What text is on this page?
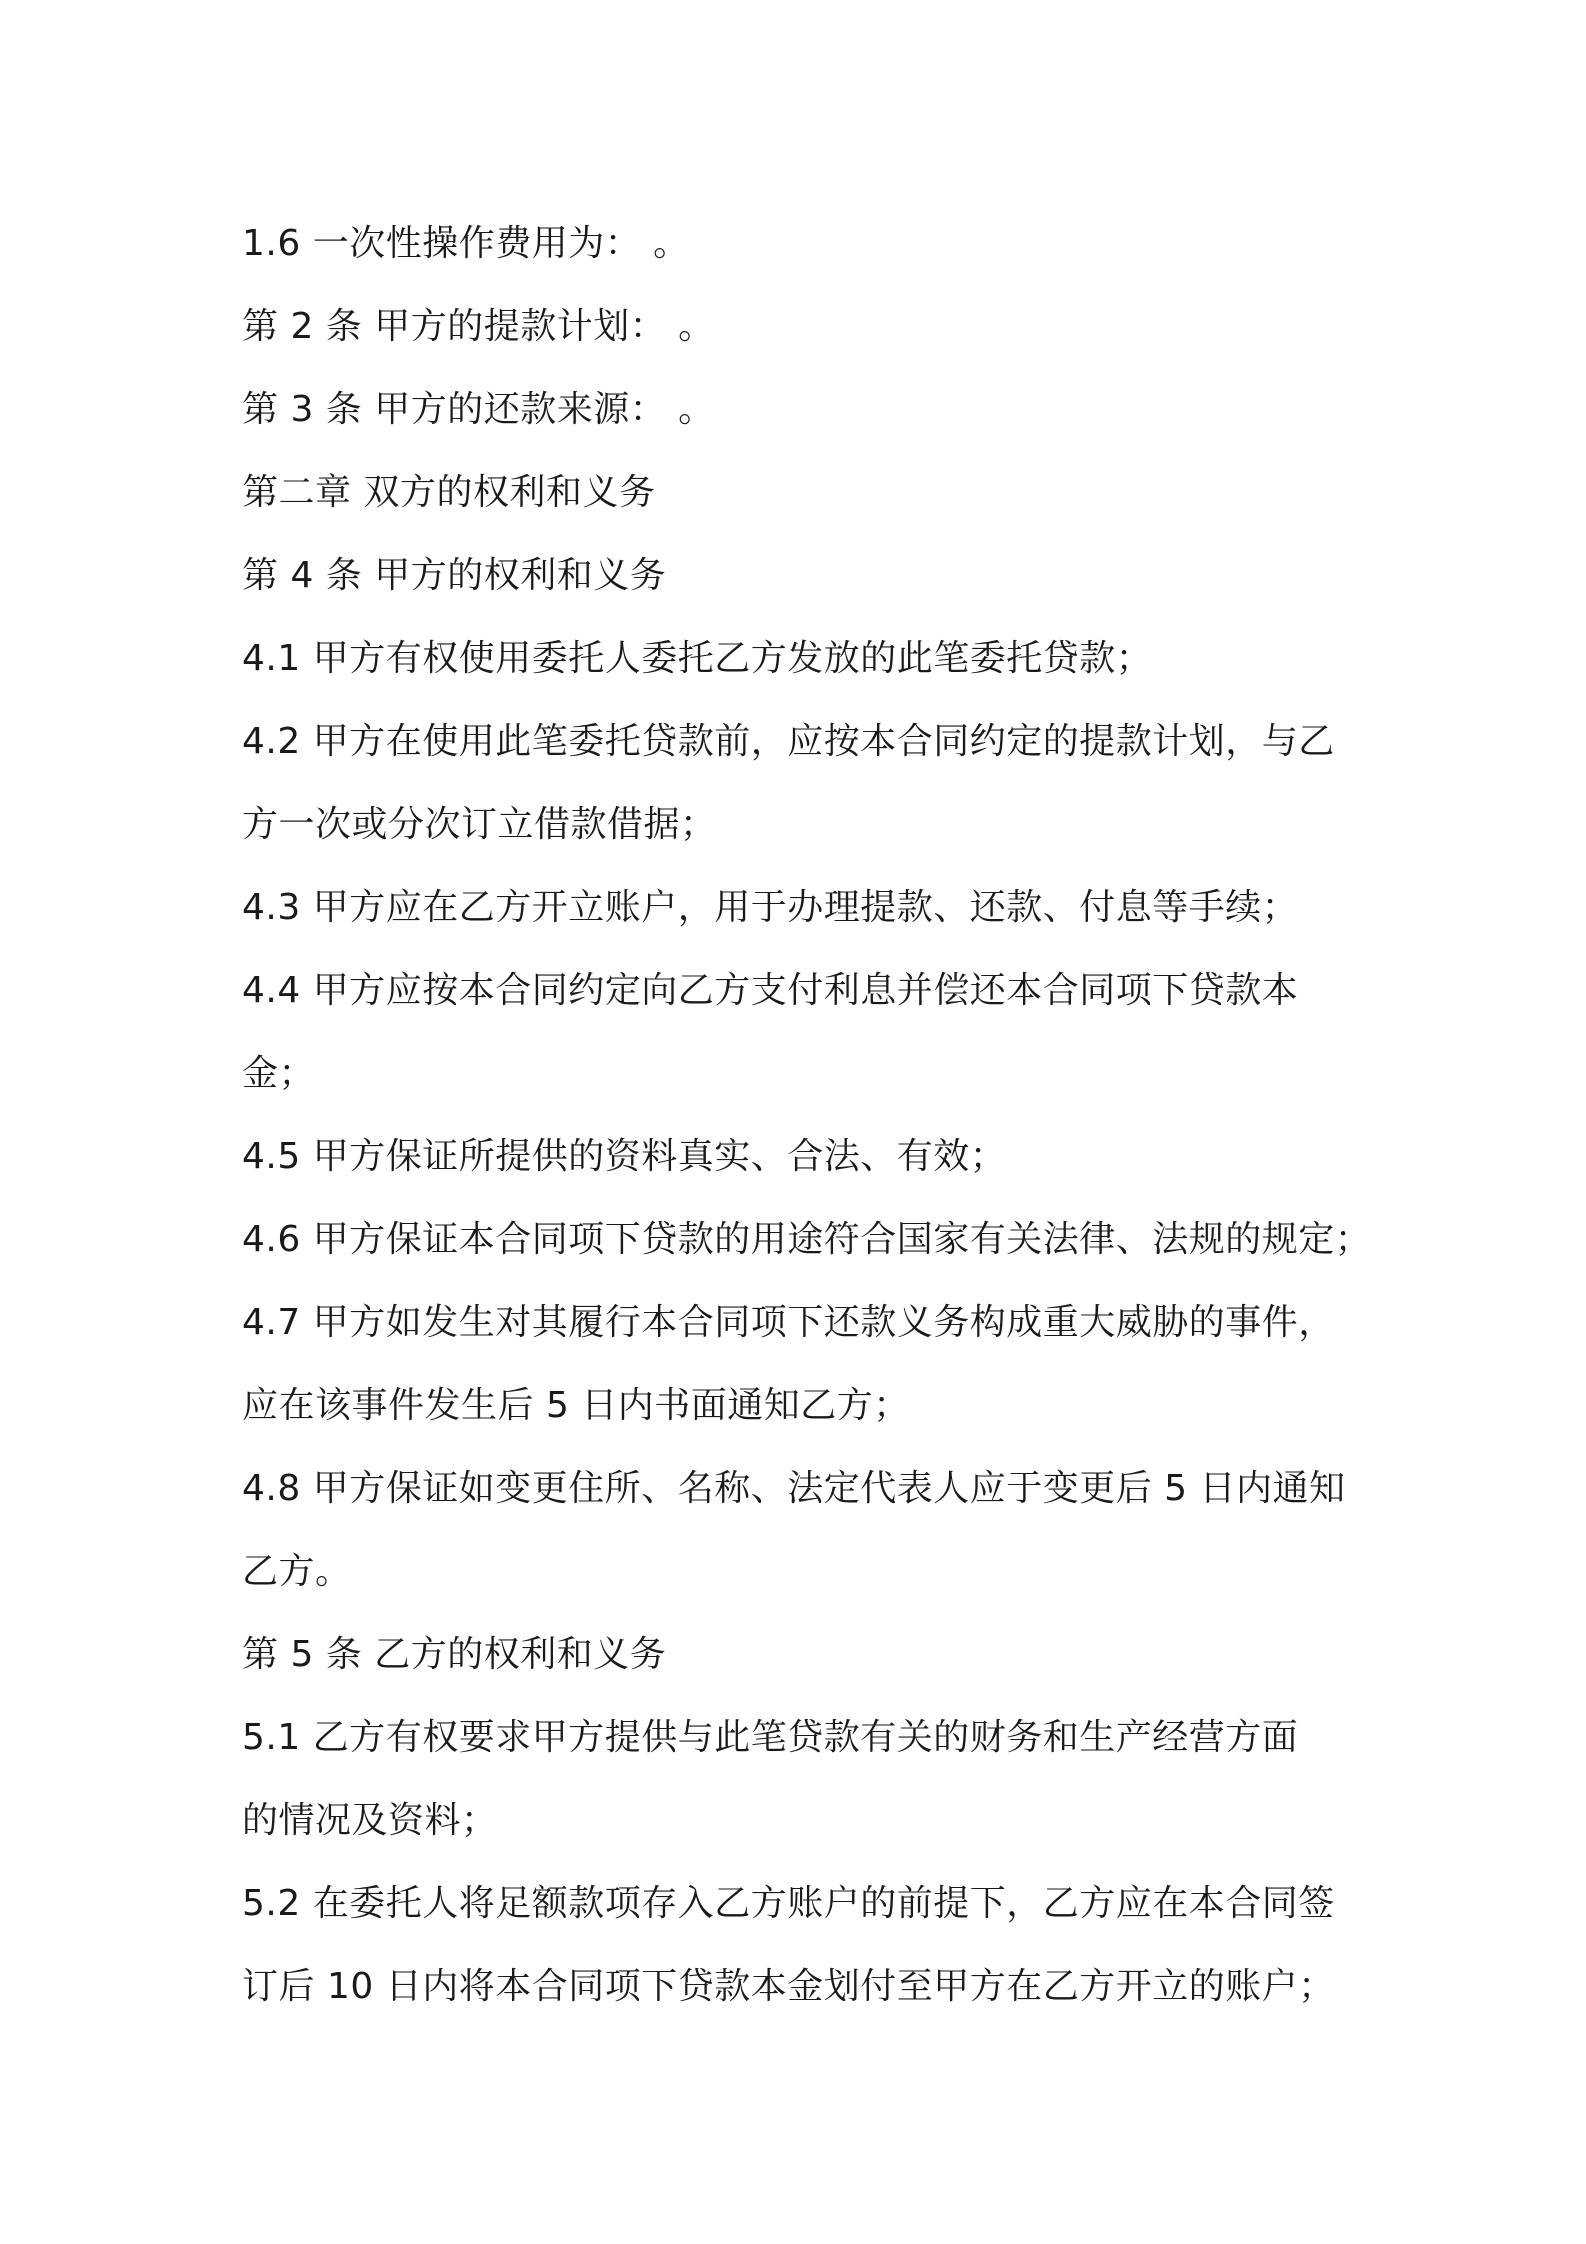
1.6 一次性操作费用为： 。

第 2 条 甲方的提款计划： 。

第 3 条 甲方的还款来源： 。

第二章 双方的权利和义务

第 4 条 甲方的权利和义务

4.1 甲方有权使用委托人委托乙方发放的此笔委托贷款；

4.2 甲方在使用此笔委托贷款前，应按本合同约定的提款计划，与乙

方一次或分次订立借款借据；

4.3 甲方应在乙方开立账户，用于办理提款、还款、付息等手续；

4.4 甲方应按本合同约定向乙方支付利息并偿还本合同项下贷款本

金；

4.5 甲方保证所提供的资料真实、合法、有效；

4.6 甲方保证本合同项下贷款的用途符合国家有关法律、法规的规定；

4.7 甲方如发生对其履行本合同项下还款义务构成重大威胁的事件，

应在该事件发生后 5 日内书面通知乙方；

4.8 甲方保证如变更住所、名称、法定代表人应于变更后 5 日内通知

乙方。

第 5 条 乙方的权利和义务

5.1 乙方有权要求甲方提供与此笔贷款有关的财务和生产经营方面

的情况及资料；

5.2 在委托人将足额款项存入乙方账户的前提下，乙方应在本合同签

订后 10 日内将本合同项下贷款本金划付至甲方在乙方开立的账户；
